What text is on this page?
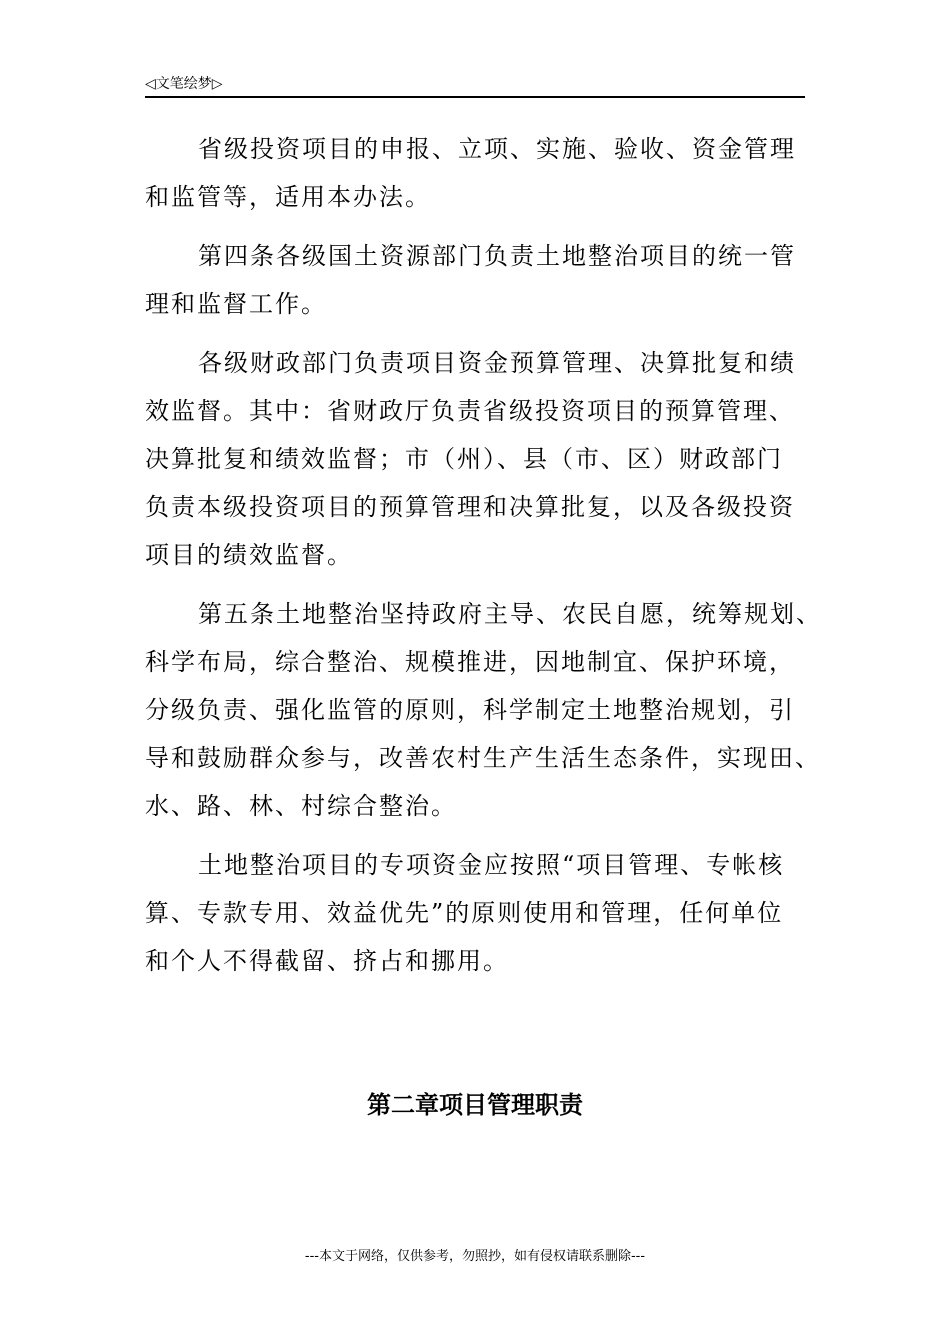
◁文笔绘梦▷
省级投资项目的申报、立项、实施、验收、资金管理
和监管等，适用本办法。
第四条各级国土资源部门负责土地整治项目的统一管
理和监督工作。
各级财政部门负责项目资金预算管理、决算批复和绩
效监督。其中：省财政厅负责省级投资项目的预算管理、
决算批复和绩效监督；市（州）、县（市、区）财政部门
负责本级投资项目的预算管理和决算批复，以及各级投资
项目的绩效监督。
第五条土地整治坚持政府主导、农民自愿，统筹规划、
科学布局，综合整治、规模推进，因地制宜、保护环境，
分级负责、强化监管的原则，科学制定土地整治规划，引
导和鼓励群众参与，改善农村生产生活生态条件，实现田、
水、路、林、村综合整治。
土地整治项目的专项资金应按照“项目管理、专帐核
算、专款专用、效益优先”的原则使用和管理，任何单位
和个人不得截留、挤占和挪用。
第二章项目管理职责
---本文于网络，仅供参考，勿照抄，如有侵权请联系删除---
